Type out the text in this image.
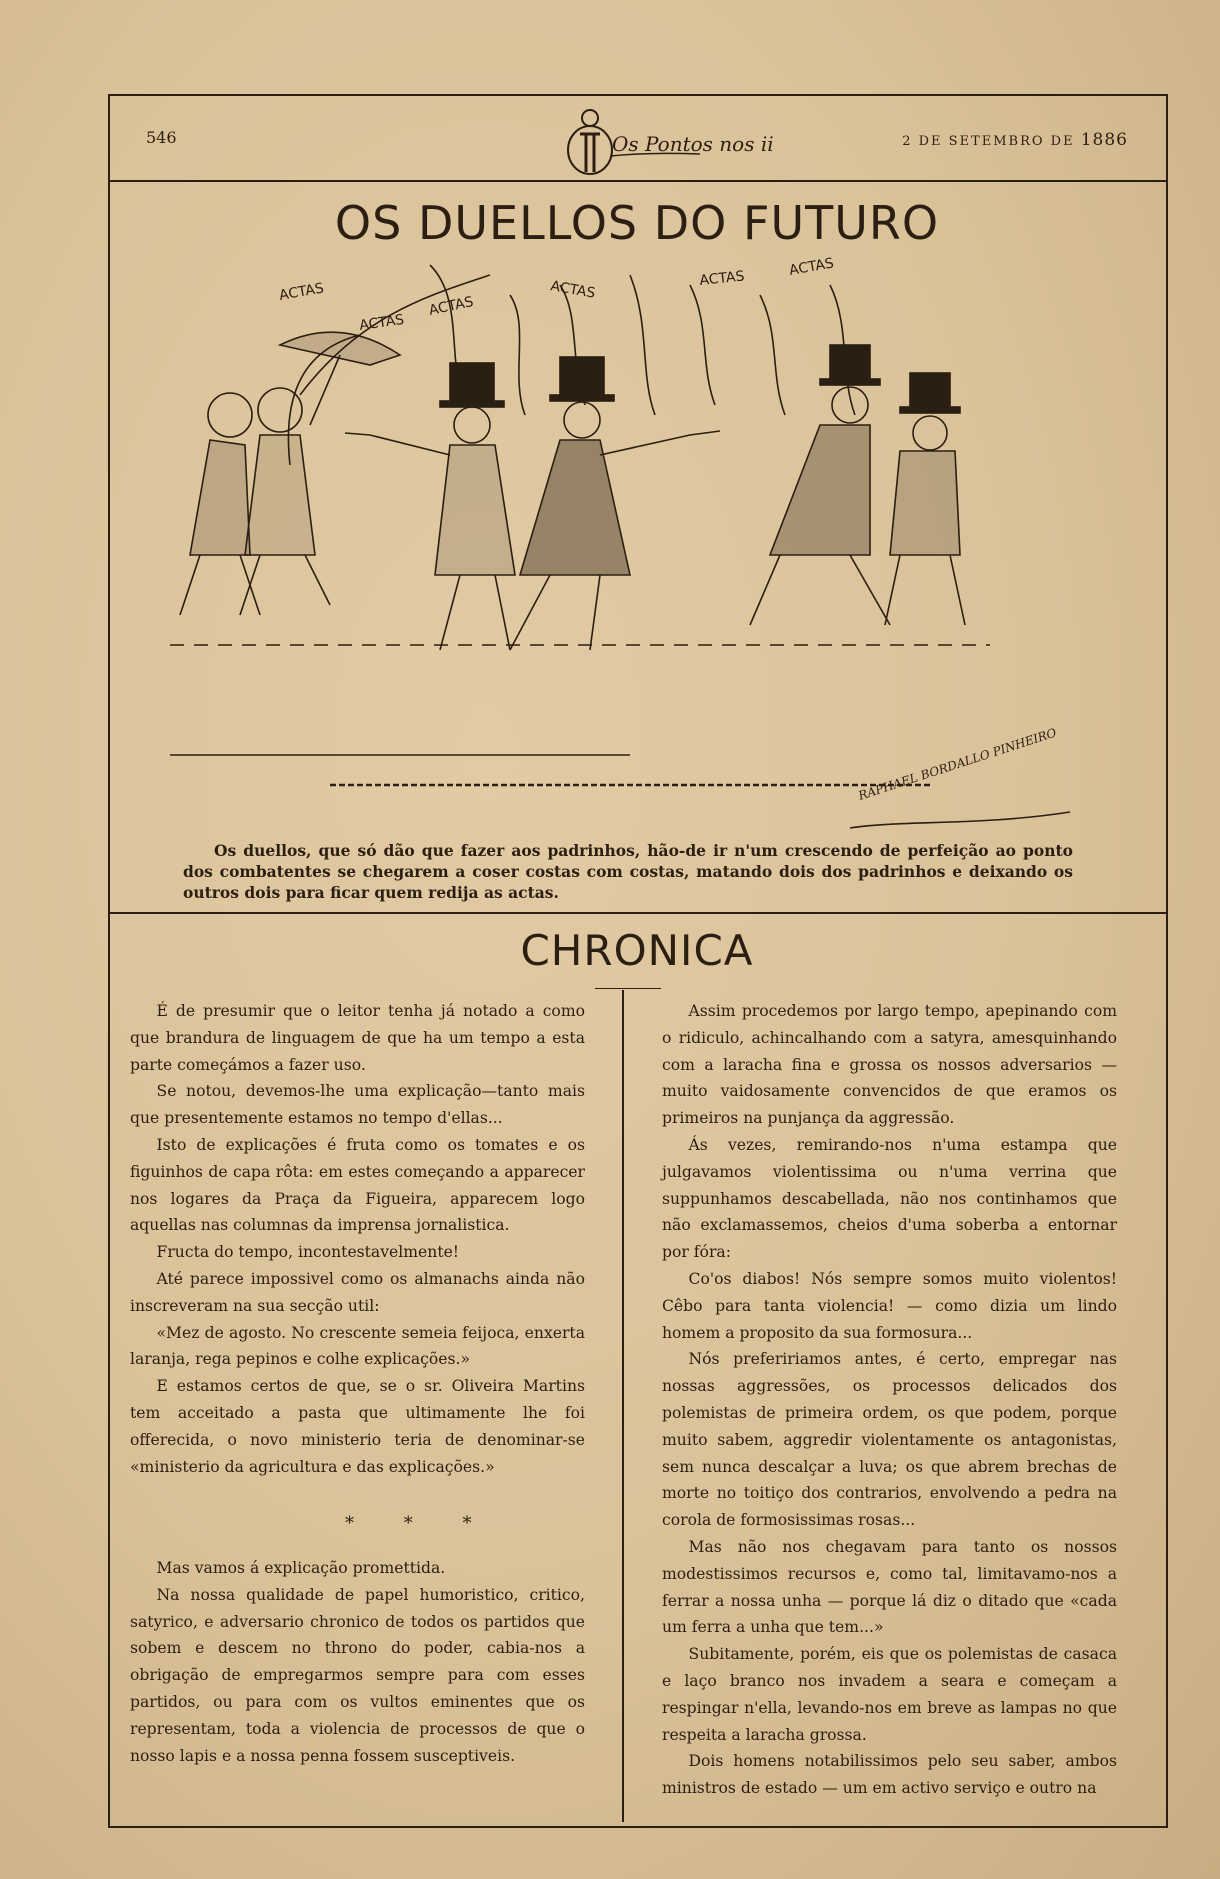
546	2 DE SETEMBRO DE 1886
Os Pontos nos ii
OS DUELLOS DO FUTURO
ACTAS
ACTAS
ACTAS
ACTAS	ACTAS	ACTAS
RAPHAEL BORDALLO PINHEIRO
Os duellos, que só dão que fazer aos padrinhos, hão-de ir n'um crescendo de perfeição ao ponto dos combatentes se chegarem a coser costas com costas, matando dois dos padrinhos e deixando os outros dois para ficar quem redija as actas.
CHRONICA

É de presumir que o leitor tenha já notado a como que brandura de linguagem de que ha um tempo a esta parte começámos a fazer uso.

Se notou, devemos-lhe uma explicação—tanto mais que presentemente estamos no tempo d'ellas...

Isto de explicações é fruta como os tomates e os figuinhos de capa rôta: em estes começando a apparecer nos logares da Praça da Figueira, apparecem logo aquellas nas columnas da imprensa jornalistica.

Fructa do tempo, incontestavelmente!

Até parece impossivel como os almanachs ainda não inscreveram na sua secção util:

«Mez de agosto. No crescente semeia feijoca, enxerta laranja, rega pepinos e colhe explicações.»

E estamos certos de que, se o sr. Oliveira Martins tem acceitado a pasta que ultimamente lhe foi offerecida, o novo ministerio teria de denominar-se «ministerio da agricultura e das explicações.»

* * *

Mas vamos á explicação promettida.

Na nossa qualidade de papel humoristico, critico, satyrico, e adversario chronico de todos os partidos que sobem e descem no throno do poder, cabia-nos a obrigação de empregarmos sempre para com esses partidos, ou para com os vultos eminentes que os representam, toda a violencia de processos de que o nosso lapis e a nossa penna fossem susceptiveis.

Assim procedemos por largo tempo, apepinando com o ridiculo, achincalhando com a satyra, amesquinhando com a laracha fina e grossa os nossos adversarios — muito vaidosamente convencidos de que eramos os primeiros na punjança da aggressão.

Ás vezes, remirando-nos n'uma estampa que julgavamos violentissima ou n'uma verrina que suppunhamos descabellada, não nos continhamos que não exclamassemos, cheios d'uma soberba a entornar por fóra:

Co'os diabos! Nós sempre somos muito violentos! Cêbo para tanta violencia! — como dizia um lindo homem a proposito da sua formosura...

Nós prefeririamos antes, é certo, empregar nas nossas aggressões, os processos delicados dos polemistas de primeira ordem, os que podem, porque muito sabem, aggredir violentamente os antagonistas, sem nunca descalçar a luva; os que abrem brechas de morte no toitiço dos contrarios, envolvendo a pedra na corola de formosissimas rosas...

Mas não nos chegavam para tanto os nossos modestissimos recursos e, como tal, limitavamo-nos a ferrar a nossa unha — porque lá diz o ditado que «cada um ferra a unha que tem...»

Subitamente, porém, eis que os polemistas de casaca e laço branco nos invadem a seara e começam a respingar n'ella, levando-nos em breve as lampas no que respeita a laracha grossa.

Dois homens notabilissimos pelo seu saber, ambos ministros de estado — um em activo serviço e outro na
